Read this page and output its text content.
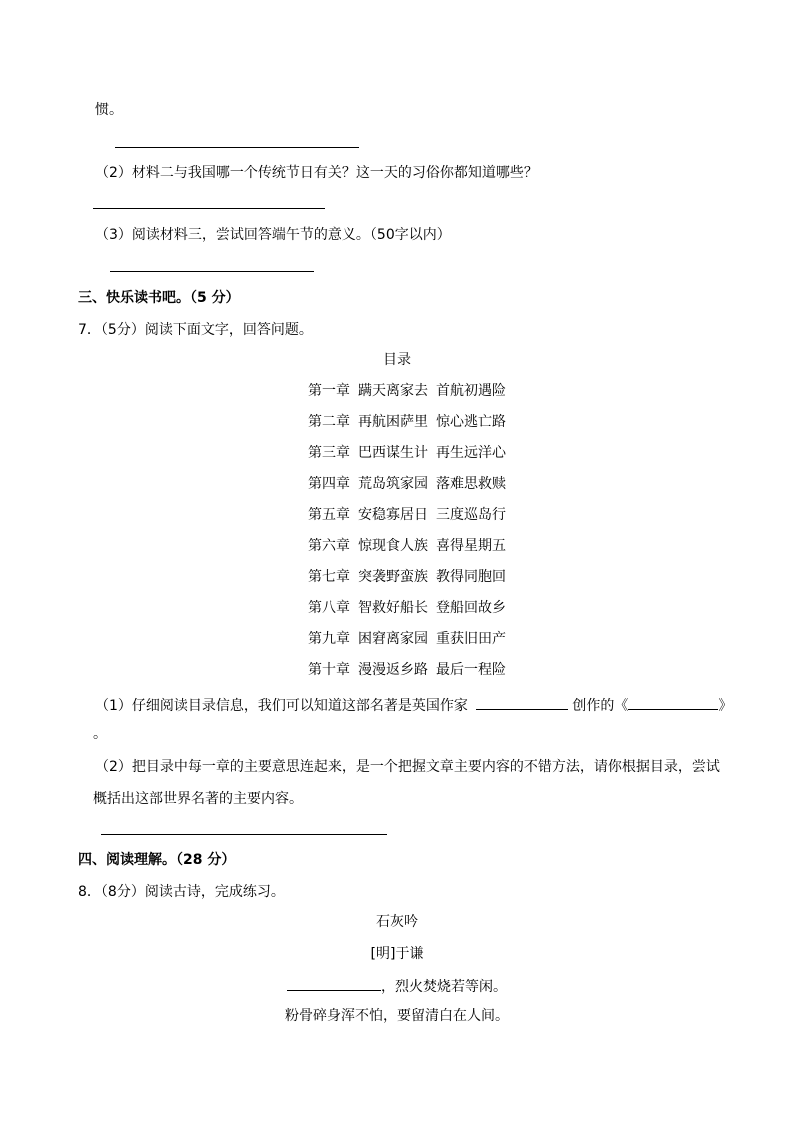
惯。
（2）材料二与我国哪一个传统节日有关？这一天的习俗你都知道哪些？
（3）阅读材料三，尝试回答端午节的意义。（50字以内）
三、快乐读书吧。（5 分）
7．（5分）阅读下面文字，回答问题。
目录
第一章 蹒天离家去 首航初遇险
第二章 再航困萨里 惊心逃亡路
第三章 巴西谋生计 再生远洋心
第四章 荒岛筑家园 落难思救赎
第五章 安稳寡居日 三度巡岛行
第六章 惊现食人族 喜得星期五
第七章 突袭野蛮族 教得同胞回
第八章 智救好船长 登船回故乡
第九章 困窘离家园 重获旧田产
第十章 漫漫返乡路 最后一程险
（1）仔细阅读目录信息，我们可以知道这部名著是英国作家	创作的《	》
。
（2）把目录中每一章的主要意思连起来，是一个把握文章主要内容的不错方法，请你根据目录，尝试
概括出这部世界名著的主要内容。
四、阅读理解。（28 分）
8．（8分）阅读古诗，完成练习。
石灰吟
[明]于谦
，烈火焚烧若等闲。
粉骨碎身浑不怕，要留清白在人间。
